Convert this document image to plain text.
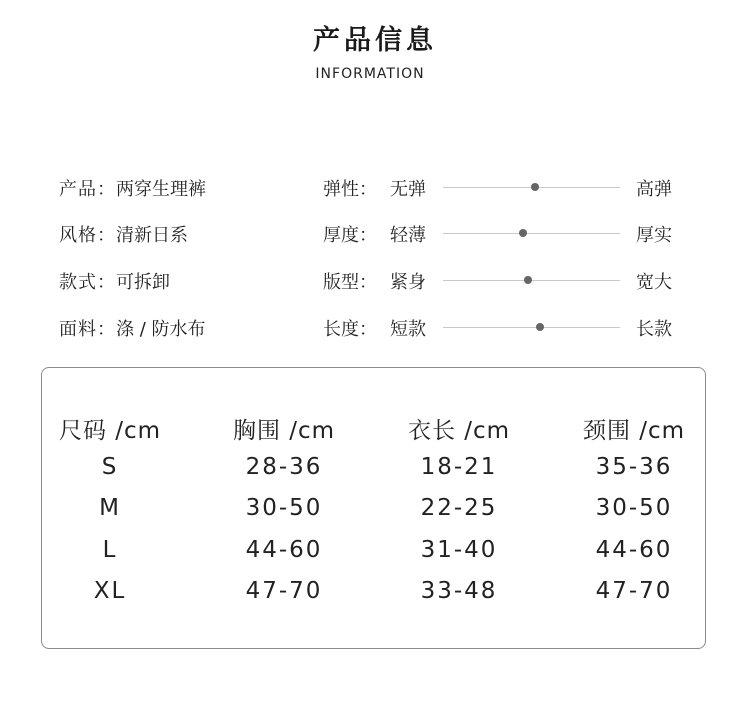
产品信息
INFORMATION
产品：两穿生理裤
风格：清新日系
款式：可拆卸
面料：涤 / 防水布
弹性： 无弹	高弹
厚度： 轻薄	厚实
版型： 紧身	宽大
长度： 短款	长款
尺码 /cm	胸围 /cm	衣长 /cm	颈围 /cm
S	28-36	18-21	35-36
M	30-50	22-25	30-50
L	44-60	31-40	44-60
XL	47-70	33-48	47-70
